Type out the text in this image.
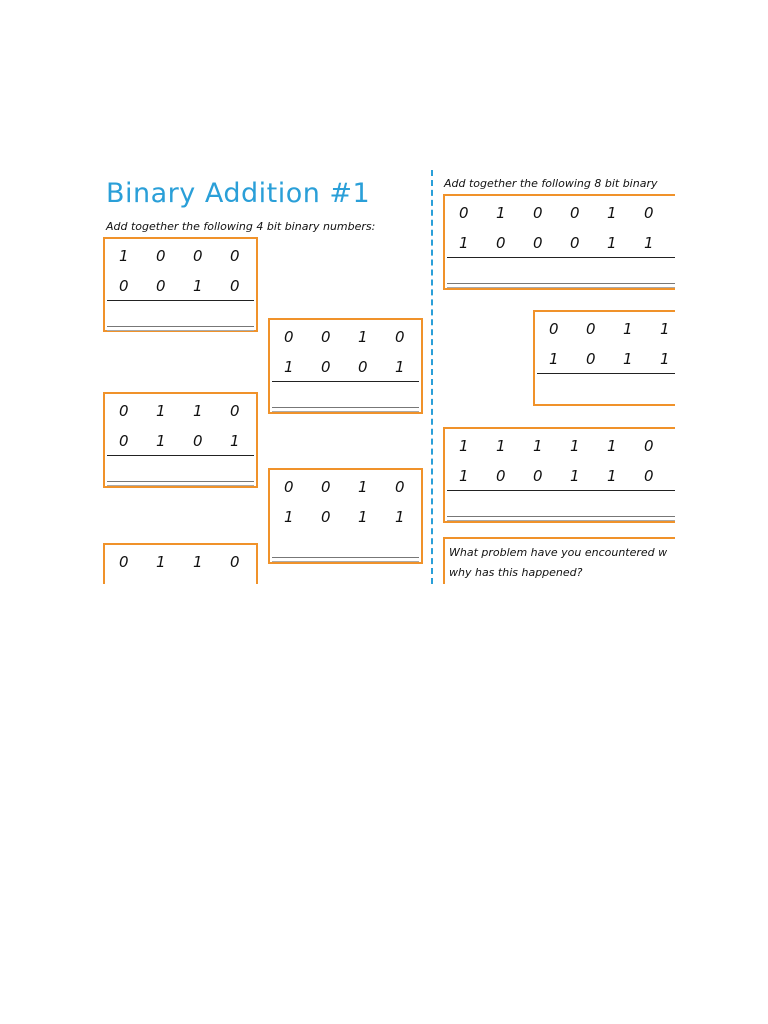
Binary Addition #1
Add together the following 4 bit binary numbers:
Add together the following 8 bit binary
1	0	0	0
0	0	1	0
0	0	1	0
1	0	0	1
0	1	1	0
0	1	0	1
0	0	1	0
1	0	1	1
0	1	1	0
0	1	0	0	1	0
1	0	0	0	1	1
0	0	1	1
1	0	1	1
1	1	1	1	1	0
1	0	0	1	1	0
What problem have you encountered w
why has this happened?
